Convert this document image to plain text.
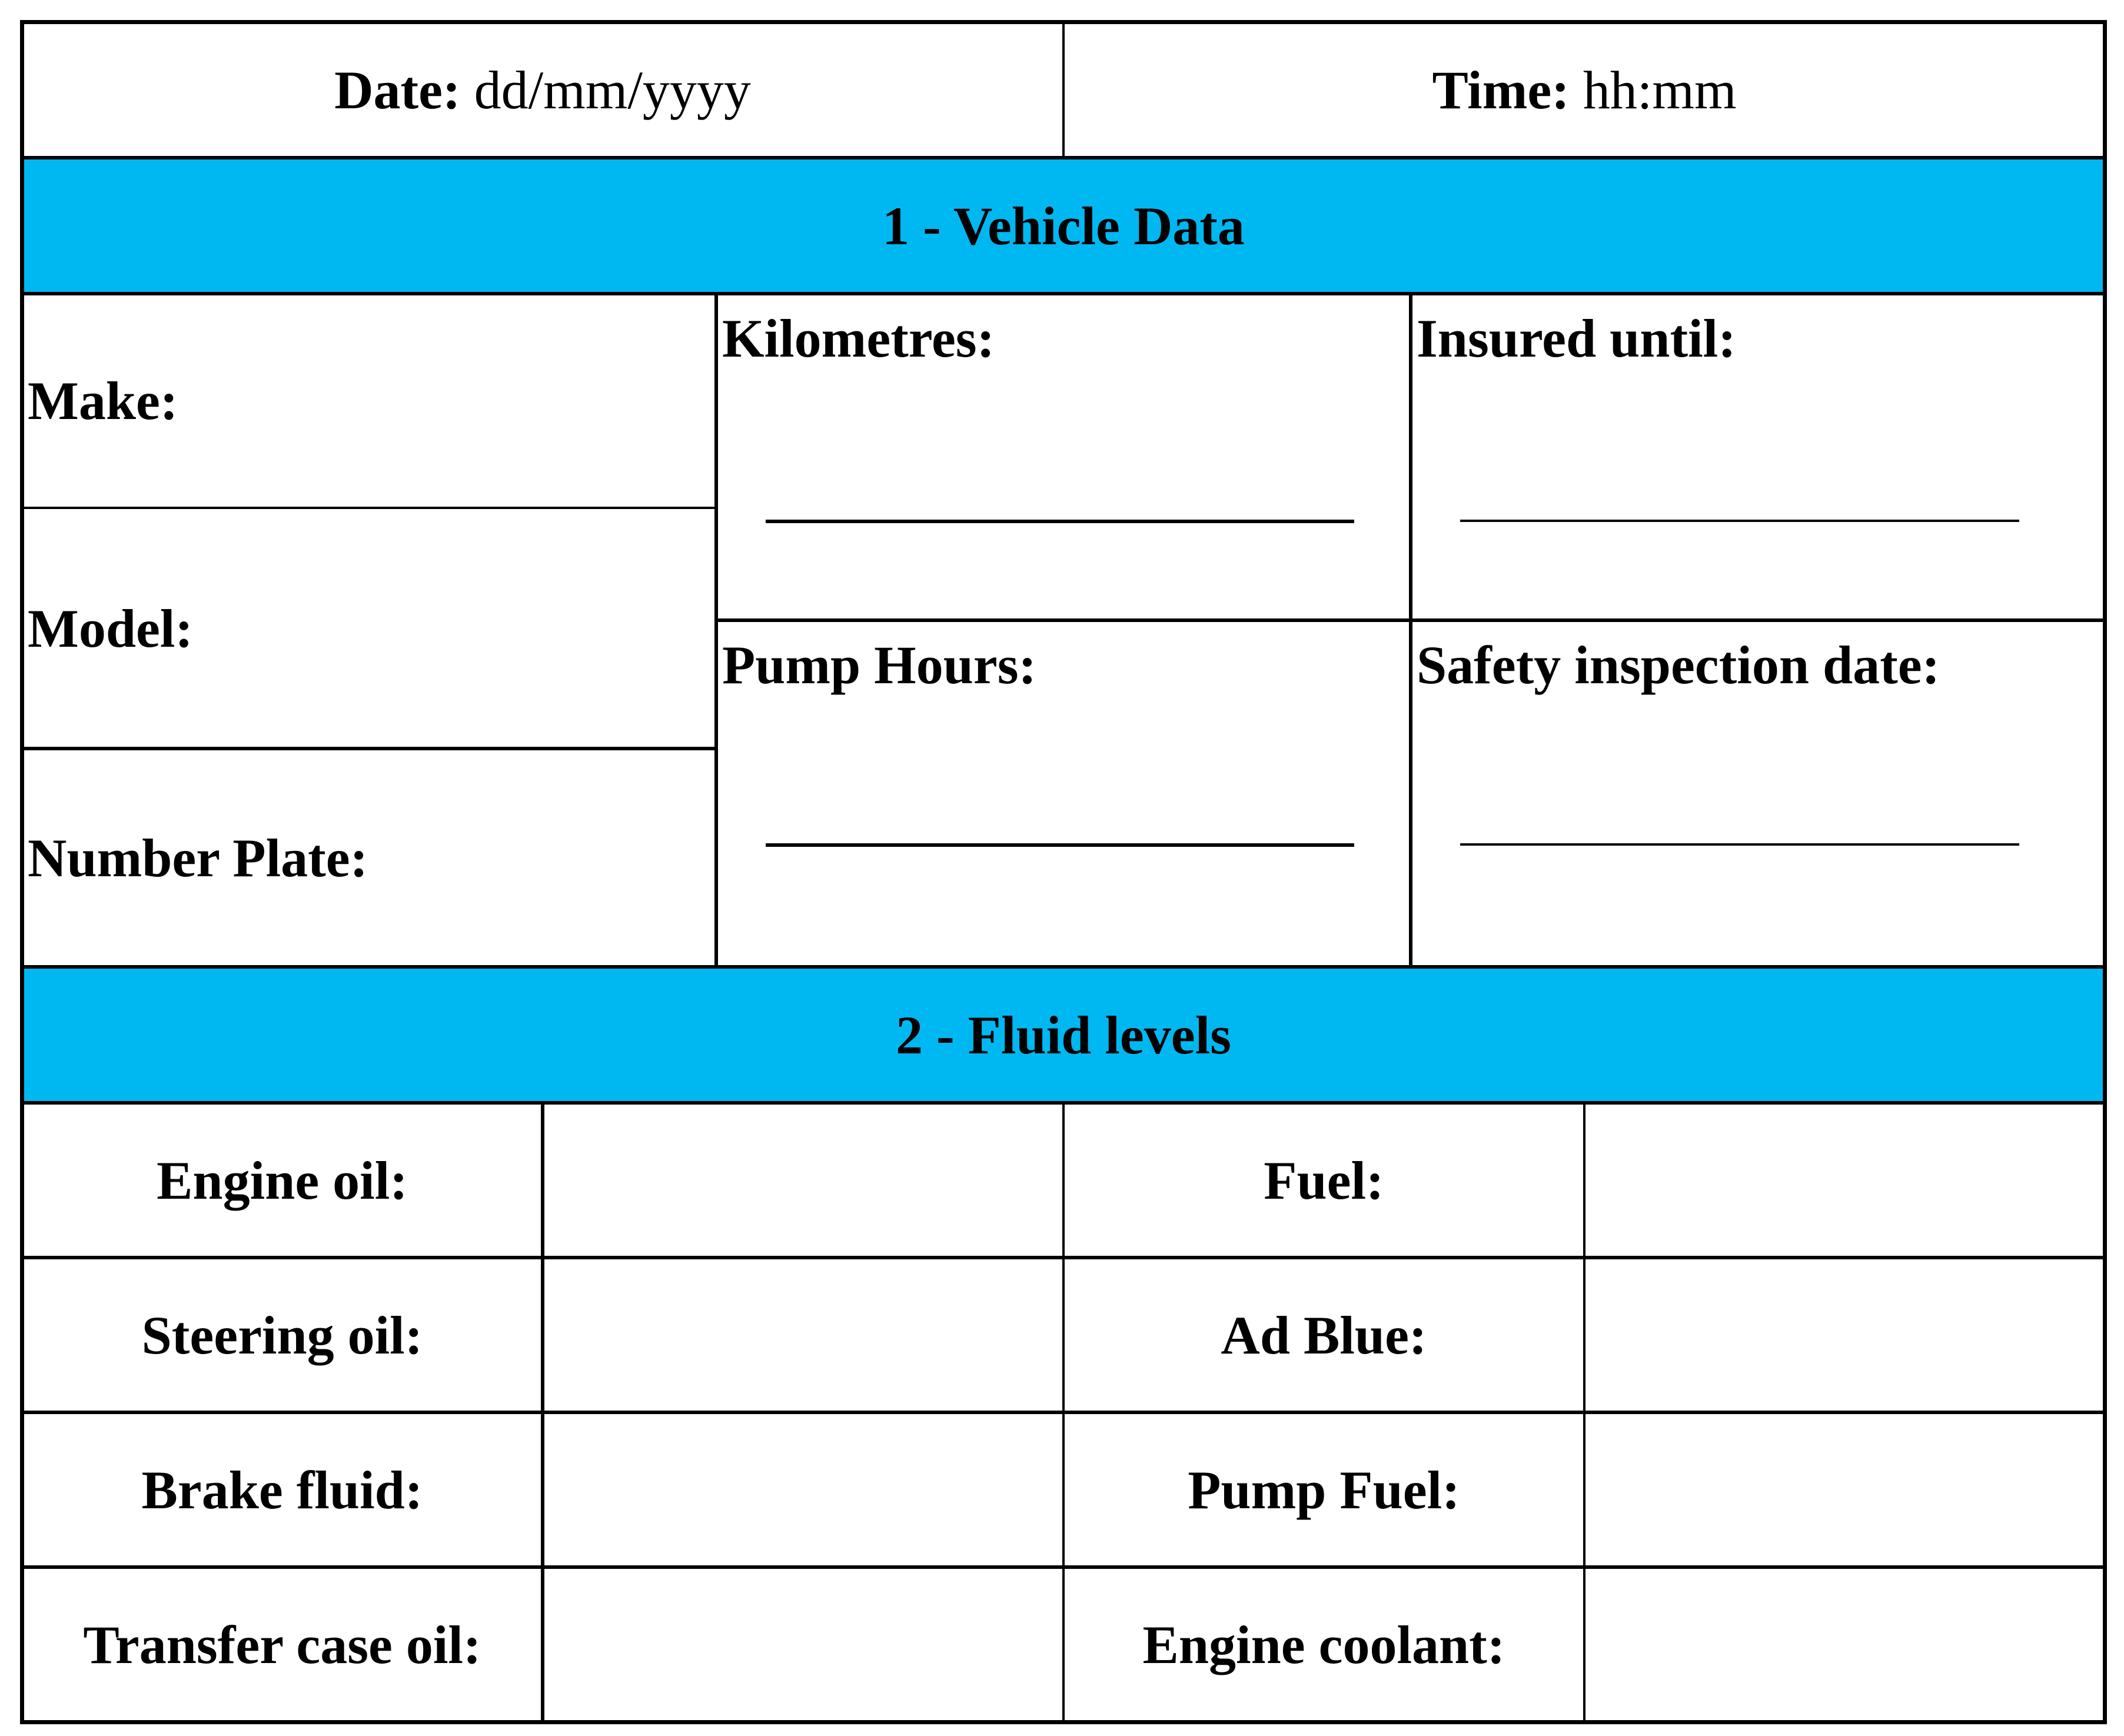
Date: dd/mm/yyyy	Time: hh:mm
1 - Vehicle Data
Make:
Model:
Number Plate:
Kilometres:	Insured until:
Pump Hours:	Safety inspection date:
2 - Fluid levels
Engine oil:	Fuel:
Steering oil:	Ad Blue:
Brake fluid:	Pump Fuel:
Transfer case oil:	Engine coolant:
